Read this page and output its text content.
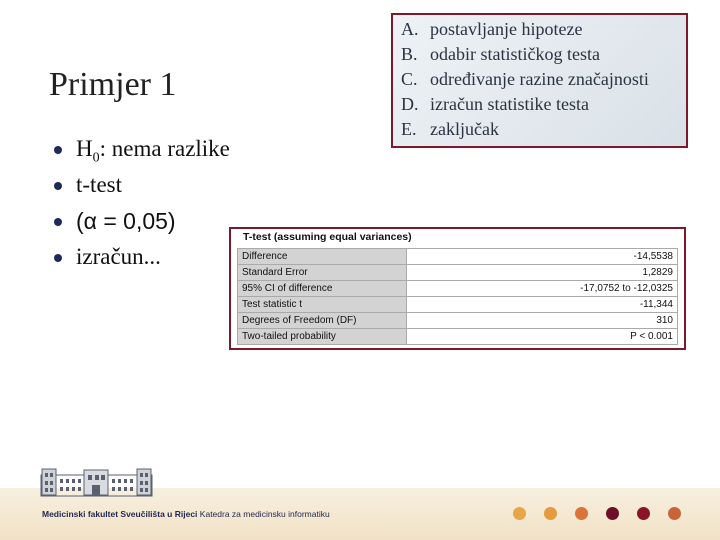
Primjer 1
$H_0$: nema razlike
t-test
(α = 0,05)
izračun...
A. postavljanje hipoteze
B. odabir statističkog testa
C. određivanje razine značajnosti
D. izračun statistike testa
E. zaključak
T-test (assuming equal variances)
Difference	-14,5538
Standard Error	1,2829
95% CI of difference	-17,0752 to -12,0325
Test statistic t	-11,344
Degrees of Freedom (DF)	310
Two-tailed probability	P < 0.001
Medicinski fakultet Sveučilišta u Rijeci Katedra za medicinsku informatiku
